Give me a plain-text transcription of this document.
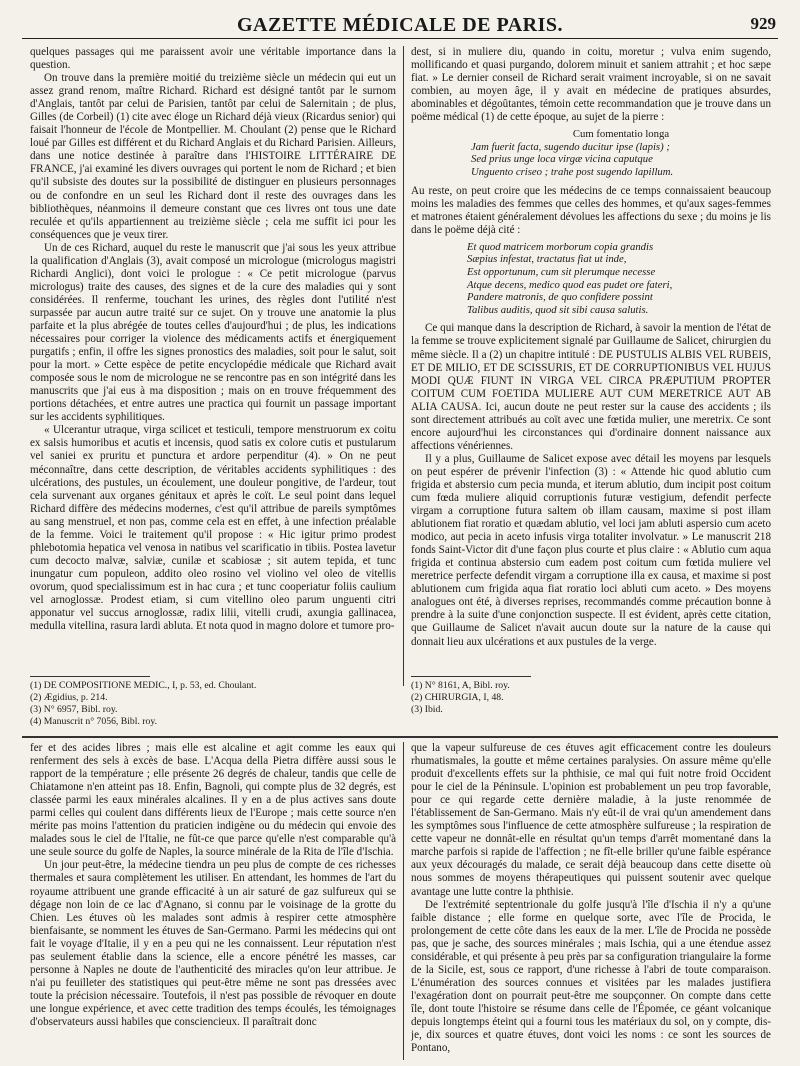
GAZETTE MÉDICALE DE PARIS.	929

quelques passages qui me paraissent avoir une véritable importance dans la question.

On trouve dans la première moitié du treizième siècle un médecin qui eut un assez grand renom, maître Richard. Richard est désigné tantôt par le surnom d'Anglais, tantôt par celui de Parisien, tantôt par celui de Salernitain ; de plus, Gilles (de Corbeil) (1) cite avec éloge un Richard déjà vieux (Ricardus senior) qui faisait l'honneur de l'école de Montpellier. M. Choulant (2) pense que le Richard loué par Gilles est différent et du Richard Anglais et du Richard Parisien. Ailleurs, dans une notice destinée à paraître dans l'HISTOIRE LITTÉRAIRE DE FRANCE, j'ai examiné les divers ouvrages qui portent le nom de Richard ; et bien qu'il subsiste des doutes sur la possibilité de distinguer en plusieurs personnages ou de confondre en un seul les Richard dont il reste des ouvrages dans les bibliothèques, néanmoins il demeure constant que ces livres ont tous une date reculée et qu'ils appartiennent au treizième siècle ; cela me suffit ici pour les conséquences que je veux tirer.

Un de ces Richard, auquel du reste le manuscrit que j'ai sous les yeux attribue la qualification d'Anglais (3), avait composé un micrologue (micrologus magistri Richardi Anglici), dont voici le prologue : « Ce petit micrologue (parvus micrologus) traite des causes, des signes et de la cure des maladies qui y sont considérées. Il renferme, touchant les urines, des règles dont l'utilité n'est surpassée par aucun autre traité sur ce sujet. On y trouve une anatomie la plus parfaite et la plus abrégée de toutes celles d'aujourd'hui ; de plus, les indications nécessaires pour corriger la violence des médicaments actifs et énergiquement purgatifs ; enfin, il offre les signes pronostics des maladies, soit pour le salut, soit pour la mort. » Cette espèce de petite encyclopédie médicale que Richard avait composée sous le nom de micrologue ne se rencontre pas en son intégrité dans les manuscrits que j'ai eus à ma disposition ; mais on en trouve fréquemment des portions détachées, et entre autres une practica qui fournit un passage important sur les accidents syphilitiques.

« Ulcerantur utraque, virga scilicet et testiculi, tempore menstruorum ex coitu ex salsis humoribus et acutis et incensis, quod satis ex colore cutis et pustularum vel saniei ex pruritu et punctura et ardore perpenditur (4). » On ne peut méconnaître, dans cette description, de véritables accidents syphilitiques : des ulcérations, des pustules, un écoulement, une douleur pongitive, de l'ardeur, tout cela survenant aux organes génitaux et après le coït. Le seul point dans lequel Richard diffère des médecins modernes, c'est qu'il attribue de pareils symptômes au sang menstruel, et non pas, comme cela est en effet, à une infection préalable de la femme. Voici le traitement qu'il propose : « Hic igitur primo prodest phlebotomia hepatica vel venosa in natibus vel scarificatio in tibiis. Postea lavetur cum decocto malvæ, salviæ, cunilæ et scabiosæ ; sit autem tepida, et tunc inungatur cum populeon, addito oleo rosino vel violino vel oleo de vitellis ovorum, quod specialissimum est in hac cura ; et tunc cooperiatur foliis caulium vel arnoglossæ. Prodest etiam, si cum vitellino oleo parum unguenti citri apponatur vel succus arnoglossæ, radix lilii, vitelli crudi, axungia gallinacea, medulla vitellina, rasura lardi abluta. Et nota quod in magno dolore et tumore pro-

dest, si in muliere diu, quando in coitu, moretur ; vulva enim sugendo, mollificando et quasi purgando, dolorem minuit et saniem attrahit ; et hoc sæpe fiat. » Le dernier conseil de Richard serait vraiment incroyable, si on ne savait combien, au moyen âge, il y avait en médecine de pratiques absurdes, abominables et dégoûtantes, témoin cette recommandation que je trouve dans un poëme médical (1) de cette époque, au sujet de la pierre :

Cum fomentatio longa
Jam fuerit facta, sugendo ducitur ipse (lapis) ;
Sed prius unge loca virgæ vicina caputque
Unguento criseo ; trahe post sugendo lapillum.

Au reste, on peut croire que les médecins de ce temps connaissaient beaucoup moins les maladies des femmes que celles des hommes, et qu'aux sages-femmes et matrones étaient généralement dévolues les affections du sexe ; du moins je lis dans le poëme déjà cité :

Et quod matricem morborum copia grandis
Sæpius infestat, tractatus fiat ut inde,
Est opportunum, cum sit plerumque necesse
Atque decens, medico quod eas pudet ore fateri,
Pandere matronis, de quo confidere possint
Talibus auditis, quod sit sibi causa salutis.

Ce qui manque dans la description de Richard, à savoir la mention de l'état de la femme se trouve explicitement signalé par Guillaume de Salicet, chirurgien du même siècle. Il a (2) un chapitre intitulé : DE PUSTULIS ALBIS VEL RUBEIS, ET DE MILIO, ET DE SCISSURIS, ET DE CORRUPTIONIBUS VEL HUJUS MODI QUÆ FIUNT IN VIRGA VEL CIRCA PRÆPUTIUM PROPTER COITUM CUM FOETIDA MULIERE AUT CUM MERETRICE AUT AB ALIA CAUSA. Ici, aucun doute ne peut rester sur la cause des accidents ; ils sont directement attribués au coït avec une fœtida mulier, une meretrix. Ce sont encore aujourd'hui les circonstances qui d'ordinaire donnent naissance aux affections vénériennes.

Il y a plus, Guillaume de Salicet expose avec détail les moyens par lesquels on peut espérer de prévenir l'infection (3) : « Attende hic quod ablutio cum frigida et abstersio cum pecia munda, et iterum ablutio, dum incipit post coitum cum fœda muliere aliquid corruptionis futuræ vestigium, defendit perfecte virgam a corruptione futura saltem ob illam causam, maxime si post illam ablutionem fiat roratio et quædam ablutio, vel loci jam abluti aspersio cum aceto modico, aut pecia in aceto infusis virga totaliter involvatur. » Le manuscrit 218 fonds Saint-Victor dit d'une façon plus courte et plus claire : « Ablutio cum aqua frigida et continua abstersio cum eadem post coitum cum fœtida muliere vel meretrice perfecte defendit virgam a corruptione illa ex causa, et maxime si post ablutionem cum frigida aqua fiat roratio loci abluti cum aceto. » Des moyens analogues ont été, à diverses reprises, recommandés comme précaution bonne à prendre à la suite d'une conjonction suspecte. Il est évident, après cette citation, que Guillaume de Salicet n'avait aucun doute sur la nature de la cause qui donnait lieu aux ulcérations et aux pustules de la verge.

(1) DE COMPOSITIONE MEDIC., I, p. 53, ed. Choulant.
(2) Ægidius, p. 214.
(3) N° 6957, Bibl. roy.
(4) Manuscrit n° 7056, Bibl. roy.
(1) N° 8161, A, Bibl. roy.
(2) CHIRURGIA, I, 48.
(3) Ibid.

fer et des acides libres ; mais elle est alcaline et agit comme les eaux qui renferment des sels à excès de base. L'Acqua della Pietra diffère aussi sous le rapport de la température ; elle présente 26 degrés de chaleur, tandis que celle de Chiatamone n'en atteint pas 18. Enfin, Bagnoli, qui compte plus de 32 degrés, est classée parmi les eaux minérales alcalines. Il y en a de plus actives sans doute parmi celles qui coulent dans différents lieux de l'Europe ; mais cette source n'en mérite pas moins l'attention du praticien indigène ou du médecin qui envoie des malades sous le ciel de l'Italie, ne fût-ce que parce qu'elle n'est comparable qu'à une seule source du golfe de Naples, la source minérale de la Rita de l'île d'Ischia.

Un jour peut-être, la médecine tiendra un peu plus de compte de ces richesses thermales et saura complètement les utiliser. En attendant, les hommes de l'art du royaume attribuent une grande efficacité à un air saturé de gaz sulfureux qui se dégage non loin de ce lac d'Agnano, si connu par le voisinage de la grotte du Chien. Les étuves où les malades sont admis à respirer cette atmosphère bienfaisante, se nomment les étuves de San-Germano. Parmi les médecins qui ont fait le voyage d'Italie, il y en a peu qui ne les connaissent. Leur réputation n'est pas seulement établie dans la science, elle a encore pénétré les masses, car personne à Naples ne doute de l'authenticité des miracles qu'on leur attribue. Je n'ai pu feuilleter des statistiques qui peut-être même ne sont pas dressées avec toute la précision nécessaire. Toutefois, il n'est pas possible de révoquer en doute une longue expérience, et avec cette tradition des temps écoulés, les témoignages d'observateurs aussi habiles que consciencieux. Il paraîtrait donc

que la vapeur sulfureuse de ces étuves agit efficacement contre les douleurs rhumatismales, la goutte et même certaines paralysies. On assure même qu'elle produit d'excellents effets sur la phthisie, ce mal qui fuit notre froid Occident pour le ciel de la Péninsule. L'opinion est probablement un peu trop favorable, pour ce qui regarde cette dernière maladie, à la juste renommée de l'établissement de San-Germano. Mais n'y eût-il de vrai qu'un amendement dans les symptômes sous l'influence de cette atmosphère sulfureuse ; la respiration de cette vapeur ne donnât-elle en résultat qu'un temps d'arrêt momentané dans la marche parfois si rapide de l'affection ; ne fît-elle briller qu'une faible espérance aux yeux découragés du malade, ce serait déjà beaucoup dans cette disette où nous sommes de moyens thérapeutiques qui puissent soutenir avec quelque avantage une lutte contre la phthisie.

De l'extrémité septentrionale du golfe jusqu'à l'île d'Ischia il n'y a qu'une faible distance ; elle forme en quelque sorte, avec l'île de Procida, le prolongement de cette côte dans les eaux de la mer. L'île de Procida ne possède pas, que je sache, des sources minérales ; mais Ischia, qui a une étendue assez considérable, et qui présente à peu près par sa configuration triangulaire la forme de la Sicile, est, sous ce rapport, d'une richesse à l'abri de toute comparaison. L'énumération des sources connues et visitées par les malades justifiera l'exagération dont on pourrait peut-être me soupçonner. On compte dans cette île, dont toute l'histoire se résume dans celle de l'Épomée, ce géant volcanique depuis longtemps éteint qui a fourni tous les matériaux du sol, on y compte, dis-je, dix sources et quatre étuves, dont voici les noms : ce sont les sources de Pontano,
